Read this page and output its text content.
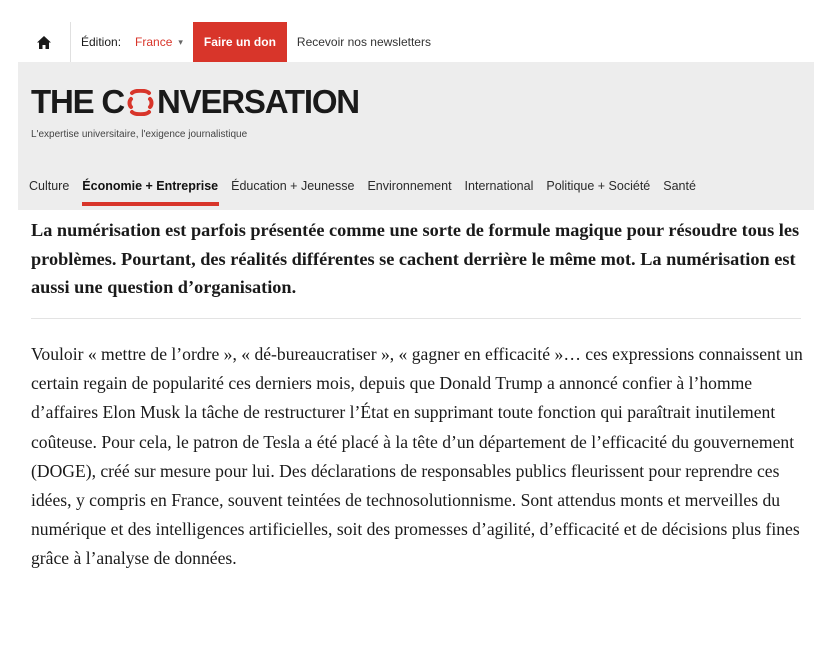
Édition: France ▾	Faire un don	Recevoir nos newsletters
THE C NVERSATION
L'expertise universitaire, l'exigence journalistique
Culture	Économie + Entreprise	Éducation + Jeunesse	Environnement	International	Politique + Société	Santé

La numérisation est parfois présentée comme une sorte de formule magique pour résoudre tous les problèmes. Pourtant, des réalités différentes se cachent derrière le même mot. La numérisation est aussi une question d’organisation.

Vouloir « mettre de l’ordre », « dé-bureaucratiser », « gagner en efficacité »… ces expressions connaissent un certain regain de popularité ces derniers mois, depuis que Donald Trump a annoncé confier à l’homme d’affaires Elon Musk la tâche de restructurer l’État en supprimant toute fonction qui paraîtrait inutilement coûteuse. Pour cela, le patron de Tesla a été placé à la tête d’un département de l’efficacité du gouvernement (DOGE), créé sur mesure pour lui. Des déclarations de responsables publics fleurissent pour reprendre ces idées, y compris en France, souvent teintées de technosolutionnisme. Sont attendus monts et merveilles du numérique et des intelligences artificielles, soit des promesses d’agilité, d’efficacité et de décisions plus fines grâce à l’analyse de données.
